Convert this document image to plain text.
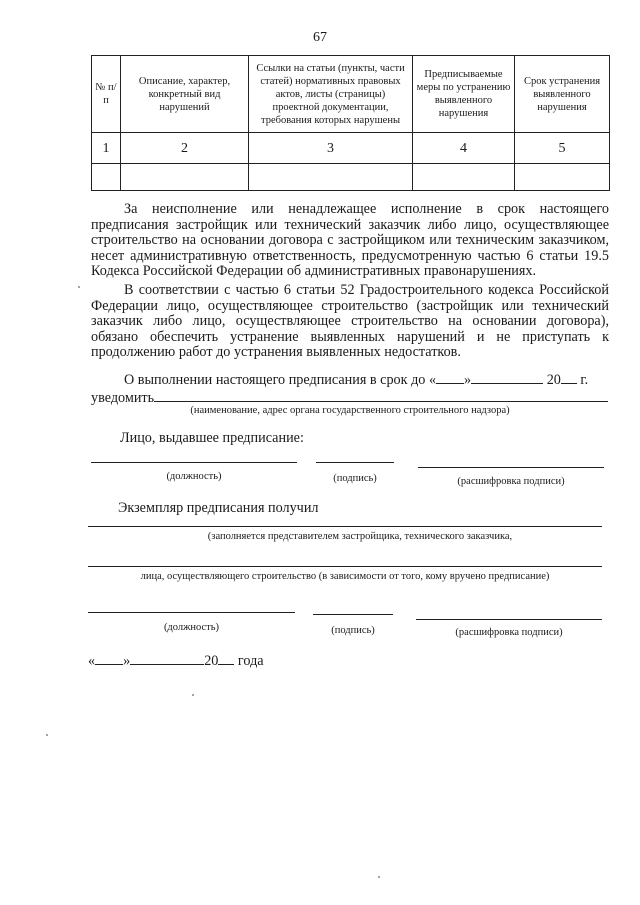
67
№ п/п	Описание, характер, конкретный вид нарушений	Ссылки на статьи (пункты, части статей) нормативных правовых актов, листы (страницы) проектной документации, требования которых нарушены	Предписываемые меры по устранению выявленного нарушения	Срок устранения выявленного нарушения
1	2	3	4	5

За неисполнение или ненадлежащее исполнение в срок настоящего предписания застройщик или технический заказчик либо лицо, осуществляющее строительство на основании договора с застройщиком или техническим заказчиком, несет административную ответственность, предусмотренную частью 6 статьи 19.5 Кодекса Российской Федерации об административных правонарушениях.

В соответствии с частью 6 статьи 52 Градостроительного кодекса Российской Федерации лицо, осуществляющее строительство (застройщик или технический заказчик либо лицо, осуществляющее строительство на основании договора), обязано обеспечить устранение выявленных нарушений и не приступать к продолжению работ до устранения выявленных недостатков.

О выполнении настоящего предписания в срок до « »	20 г.
уведомить

(наименование, адрес органа государственного строительного надзора)
Лицо, выдавшее предписание:
(должность)	(подпись)	(расшифровка подписи)
Экземпляр предписания получил
(заполняется представителем застройщика, технического заказчика,
лица, осуществляющего строительство (в зависимости от того, кому вручено предписание)
(должность)	(подпись)	(расшифровка подписи)
« »	20 года
